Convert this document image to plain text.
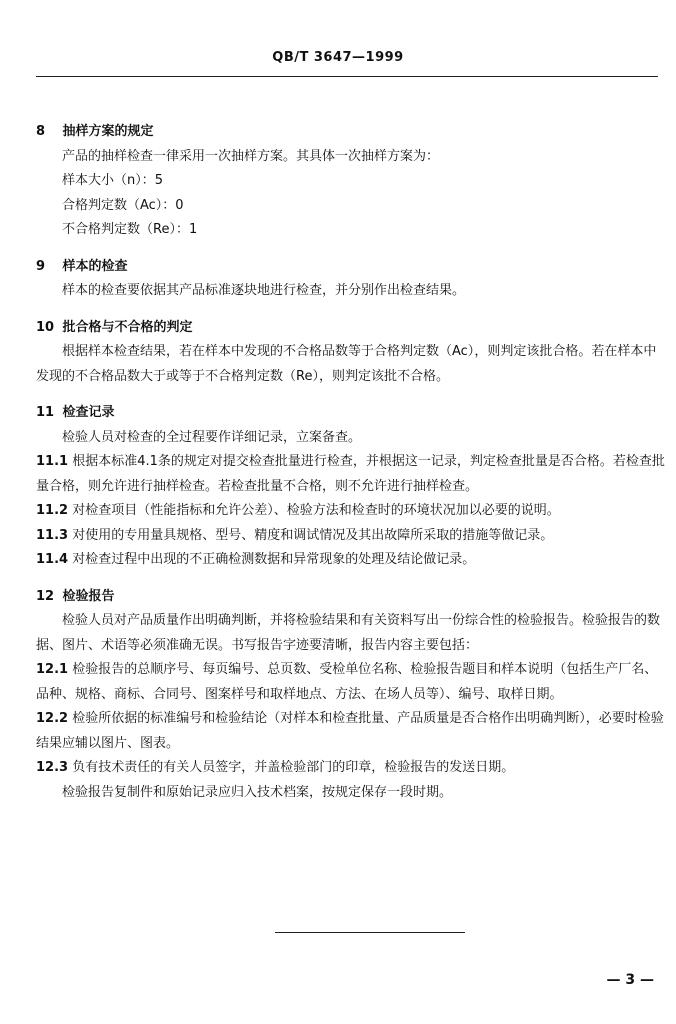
QB/T 3647—1999
8 抽样方案的规定
产品的抽样检查一律采用一次抽样方案。其具体一次抽样方案为：
样本大小（n）：5
合格判定数（Ac）：0
不合格判定数（Re）：1
9 样本的检查
样本的检查要依据其产品标准逐块地进行检查，并分别作出检查结果。
10 批合格与不合格的判定
根据样本检查结果，若在样本中发现的不合格品数等于合格判定数（Ac），则判定该批合格。若在样本中发现的不合格品数大于或等于不合格判定数（Re），则判定该批不合格。
11 检查记录
检验人员对检查的全过程要作详细记录，立案备查。
11.1 根据本标准4.1条的规定对提交检查批量进行检查，并根据这一记录，判定检查批量是否合格。若检查批量合格，则允许进行抽样检查。若检查批量不合格，则不允许进行抽样检查。
11.2 对检查项目（性能指标和允许公差）、检验方法和检查时的环境状况加以必要的说明。
11.3 对使用的专用量具规格、型号、精度和调试情况及其出故障所采取的措施等做记录。
11.4 对检查过程中出现的不正确检测数据和异常现象的处理及结论做记录。
12 检验报告
检验人员对产品质量作出明确判断，并将检验结果和有关资料写出一份综合性的检验报告。检验报告的数据、图片、术语等必须准确无误。书写报告字迹要清晰，报告内容主要包括：
12.1 检验报告的总顺序号、每页编号、总页数、受检单位名称、检验报告题目和样本说明（包括生产厂名、品种、规格、商标、合同号、图案样号和取样地点、方法、在场人员等）、编号、取样日期。
12.2 检验所依据的标准编号和检验结论（对样本和检查批量、产品质量是否合格作出明确判断），必要时检验结果应辅以图片、图表。
12.3 负有技术责任的有关人员签字，并盖检验部门的印章，检验报告的发送日期。
检验报告复制件和原始记录应归入技术档案，按规定保存一段时期。
— 3 —
